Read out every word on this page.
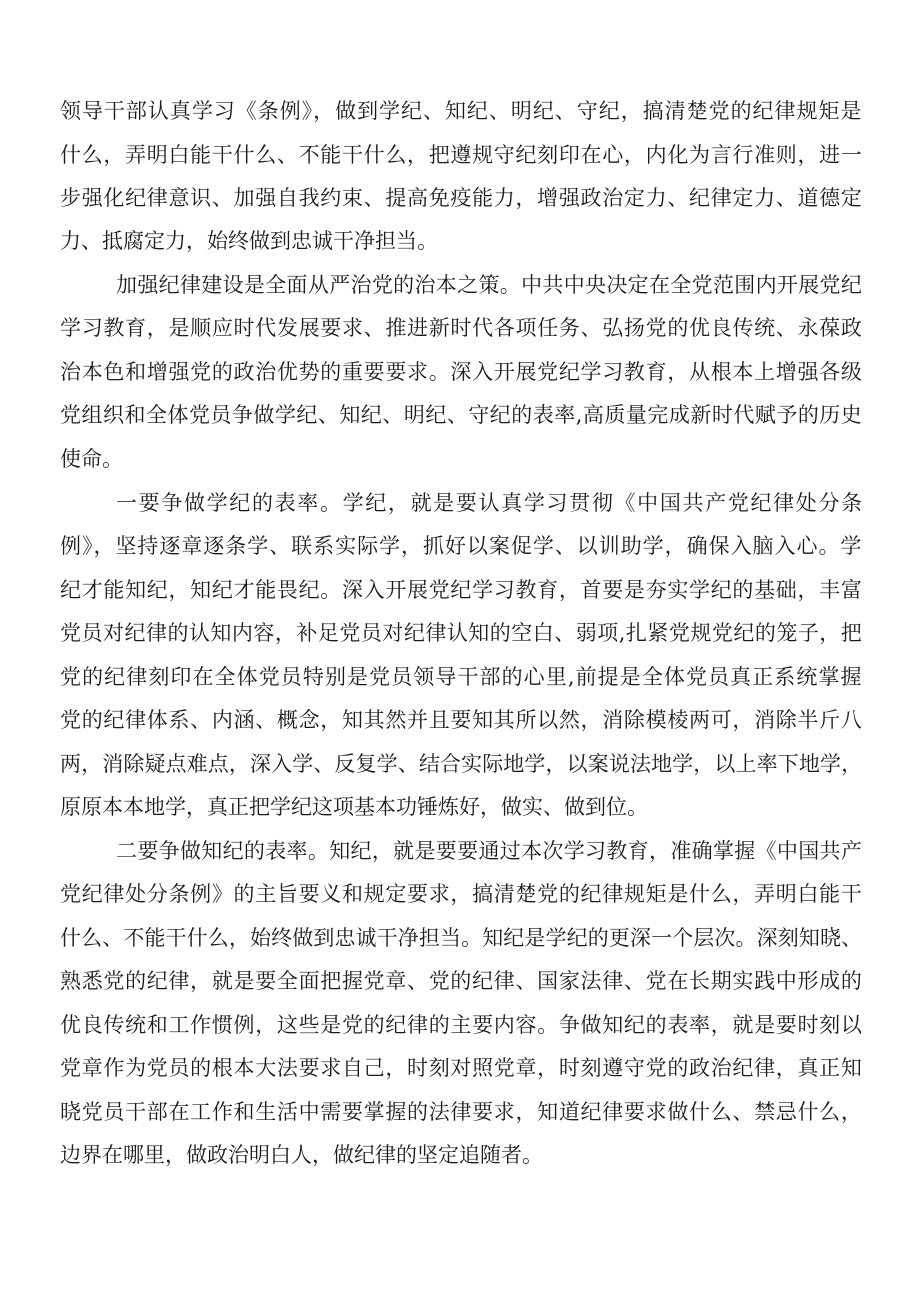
领导干部认真学习《条例》，做到学纪、知纪、明纪、守纪，搞清楚党的纪律规矩是
什么，弄明白能干什么、不能干什么，把遵规守纪刻印在心，内化为言行准则，进一
步强化纪律意识、加强自我约束、提高免疫能力，增强政治定力、纪律定力、道德定
力、抵腐定力，始终做到忠诚干净担当。
加强纪律建设是全面从严治党的治本之策。中共中央决定在全党范围内开展党纪
学习教育，是顺应时代发展要求、推进新时代各项任务、弘扬党的优良传统、永葆政
治本色和增强党的政治优势的重要要求。深入开展党纪学习教育，从根本上增强各级
党组织和全体党员争做学纪、知纪、明纪、守纪的表率,高质量完成新时代赋予的历史
使命。
一要争做学纪的表率。学纪，就是要认真学习贯彻《中国共产党纪律处分条
例》，坚持逐章逐条学、联系实际学，抓好以案促学、以训助学，确保入脑入心。学
纪才能知纪，知纪才能畏纪。深入开展党纪学习教育，首要是夯实学纪的基础，丰富
党员对纪律的认知内容，补足党员对纪律认知的空白、弱项,扎紧党规党纪的笼子，把
党的纪律刻印在全体党员特别是党员领导干部的心里,前提是全体党员真正系统掌握
党的纪律体系、内涵、概念，知其然并且要知其所以然，消除模棱两可，消除半斤八
两，消除疑点难点，深入学、反复学、结合实际地学，以案说法地学，以上率下地学，
原原本本地学，真正把学纪这项基本功锤炼好，做实、做到位。
二要争做知纪的表率。知纪，就是要要通过本次学习教育，准确掌握《中国共产
党纪律处分条例》的主旨要义和规定要求，搞清楚党的纪律规矩是什么，弄明白能干
什么、不能干什么，始终做到忠诚干净担当。知纪是学纪的更深一个层次。深刻知晓、
熟悉党的纪律，就是要全面把握党章、党的纪律、国家法律、党在长期实践中形成的
优良传统和工作惯例，这些是党的纪律的主要内容。争做知纪的表率，就是要时刻以
党章作为党员的根本大法要求自己，时刻对照党章，时刻遵守党的政治纪律，真正知
晓党员干部在工作和生活中需要掌握的法律要求，知道纪律要求做什么、禁忌什么，
边界在哪里，做政治明白人，做纪律的坚定追随者。
